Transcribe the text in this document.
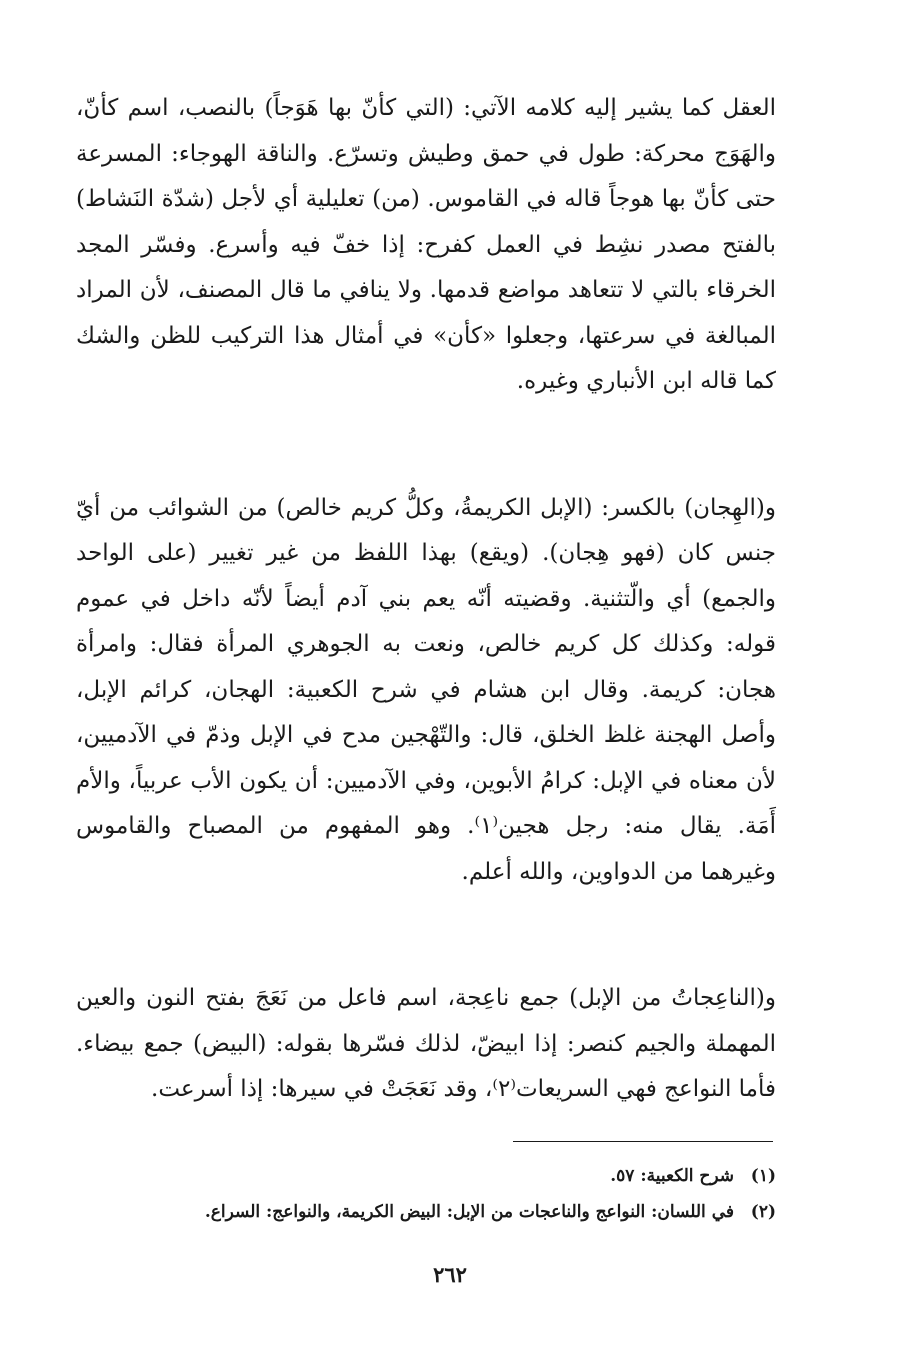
العقل كما يشير إليه كلامه الآتي: (التي كأنّ بها هَوَجاً) بالنصب، اسم كأنّ، والهَوَج محركة: طول في حمق وطيش وتسرّع. والناقة الهوجاء: المسرعة حتى كأنّ بها هوجاً قاله في القاموس. (من) تعليلية أي لأجل (شدّة النَشاط) بالفتح مصدر نشِط في العمل كفرح: إذا خفّ فيه وأسرع. وفسّر المجد الخرقاء بالتي لا تتعاهد مواضع قدمها. ولا ينافي ما قال المصنف، لأن المراد المبالغة في سرعتها، وجعلوا «كأن» في أمثال هذا التركيب للظن والشك كما قاله ابن الأنباري وغيره.

و(الهِجان) بالكسر: (الإبل الكريمةُ، وكلُّ كريم خالص) من الشوائب من أيّ جنس كان (فهو هِجان). (ويقع) بهذا اللفظ من غير تغيير (على الواحد والجمع) أي والّتثنية. وقضيته أنّه يعم بني آدم أيضاً لأنّه داخل في عموم قوله: وكذلك كل كريم خالص، ونعت به الجوهري المرأة فقال: وامرأة هجان: كريمة. وقال ابن هشام في شرح الكعبية: الهجان، كرائم الإبل، وأصل الهجنة غلظ الخلق، قال: والتّهْجين مدح في الإبل وذمّ في الآدميين، لأن معناه في الإبل: كرامُ الأبوين، وفي الآدميين: أن يكون الأب عربياً، والأم أَمَة. يقال منه: رجل هجين⁽١⁾. وهو المفهوم من المصباح والقاموس وغيرهما من الدواوين، والله أعلم.

و(الناعِجاتُ من الإبل) جمع ناعِجة، اسم فاعل من نَعَجَ بفتح النون والعين المهملة والجيم كنصر: إذا ابيضّ، لذلك فسّرها بقوله: (البيض) جمع بيضاء. فأما النواعج فهي السريعات⁽٢⁾، وقد نَعَجَتْ في سيرها: إذا أسرعت.

(١)
شرح الكعبية: ٥٧.
(٢)
في اللسان: النواعج والناعجات من الإبل: البيض الكريمة، والنواعج: السراع.
٢٦٢
